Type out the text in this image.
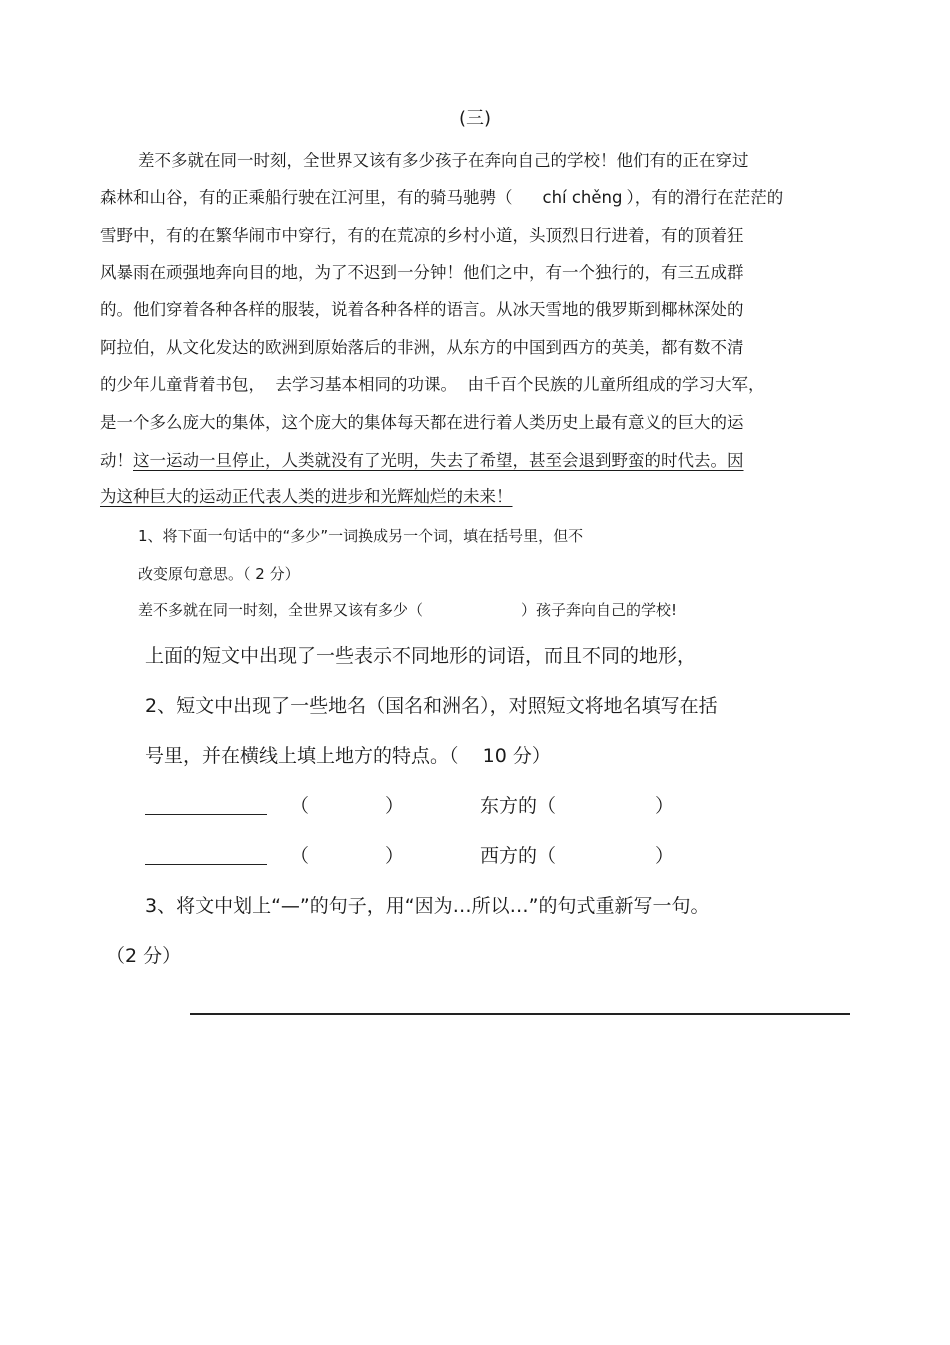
(三)
差不多就在同一时刻，全世界又该有多少孩子在奔向自己的学校！他们有的正在穿过
森林和山谷，有的正乘船行驶在江河里，有的骑马驰骋（ chí chěng ），有的滑行在茫茫的
雪野中，有的在繁华闹市中穿行，有的在荒凉的乡村小道，头顶烈日行进着，有的顶着狂
风暴雨在顽强地奔向目的地，为了不迟到一分钟！他们之中，有一个独行的，有三五成群
的。他们穿着各种各样的服装，说着各种各样的语言。从冰天雪地的俄罗斯到椰林深处的
阿拉伯，从文化发达的欧洲到原始落后的非洲，从东方的中国到西方的英美，都有数不清
的少年儿童背着书包，  去学习基本相同的功课。  由千百个民族的儿童所组成的学习大军，
是一个多么庞大的集体，这个庞大的集体每天都在进行着人类历史上最有意义的巨大的运
动！这一运动一旦停止，人类就没有了光明，失去了希望，甚至会退到野蛮的时代去。因
为这种巨大的运动正代表人类的进步和光辉灿烂的未来！
1、将下面一句话中的“多少”一词换成另一个词，填在括号里，但不
改变原句意思。（ 2 分）
差不多就在同一时刻，全世界又该有多少（	）孩子奔向自己的学校!
上面的短文中出现了一些表示不同地形的词语，而且不同的地形，
2、短文中出现了一些地名（国名和洲名），对照短文将地名填写在括
号里，并在横线上填上地方的特点。（    10 分）
（	）	东方的（	）
（	）	西方的（	）
3、将文中划上“—”的句子，用“因为…所以…”的句式重新写一句。
（2 分）
